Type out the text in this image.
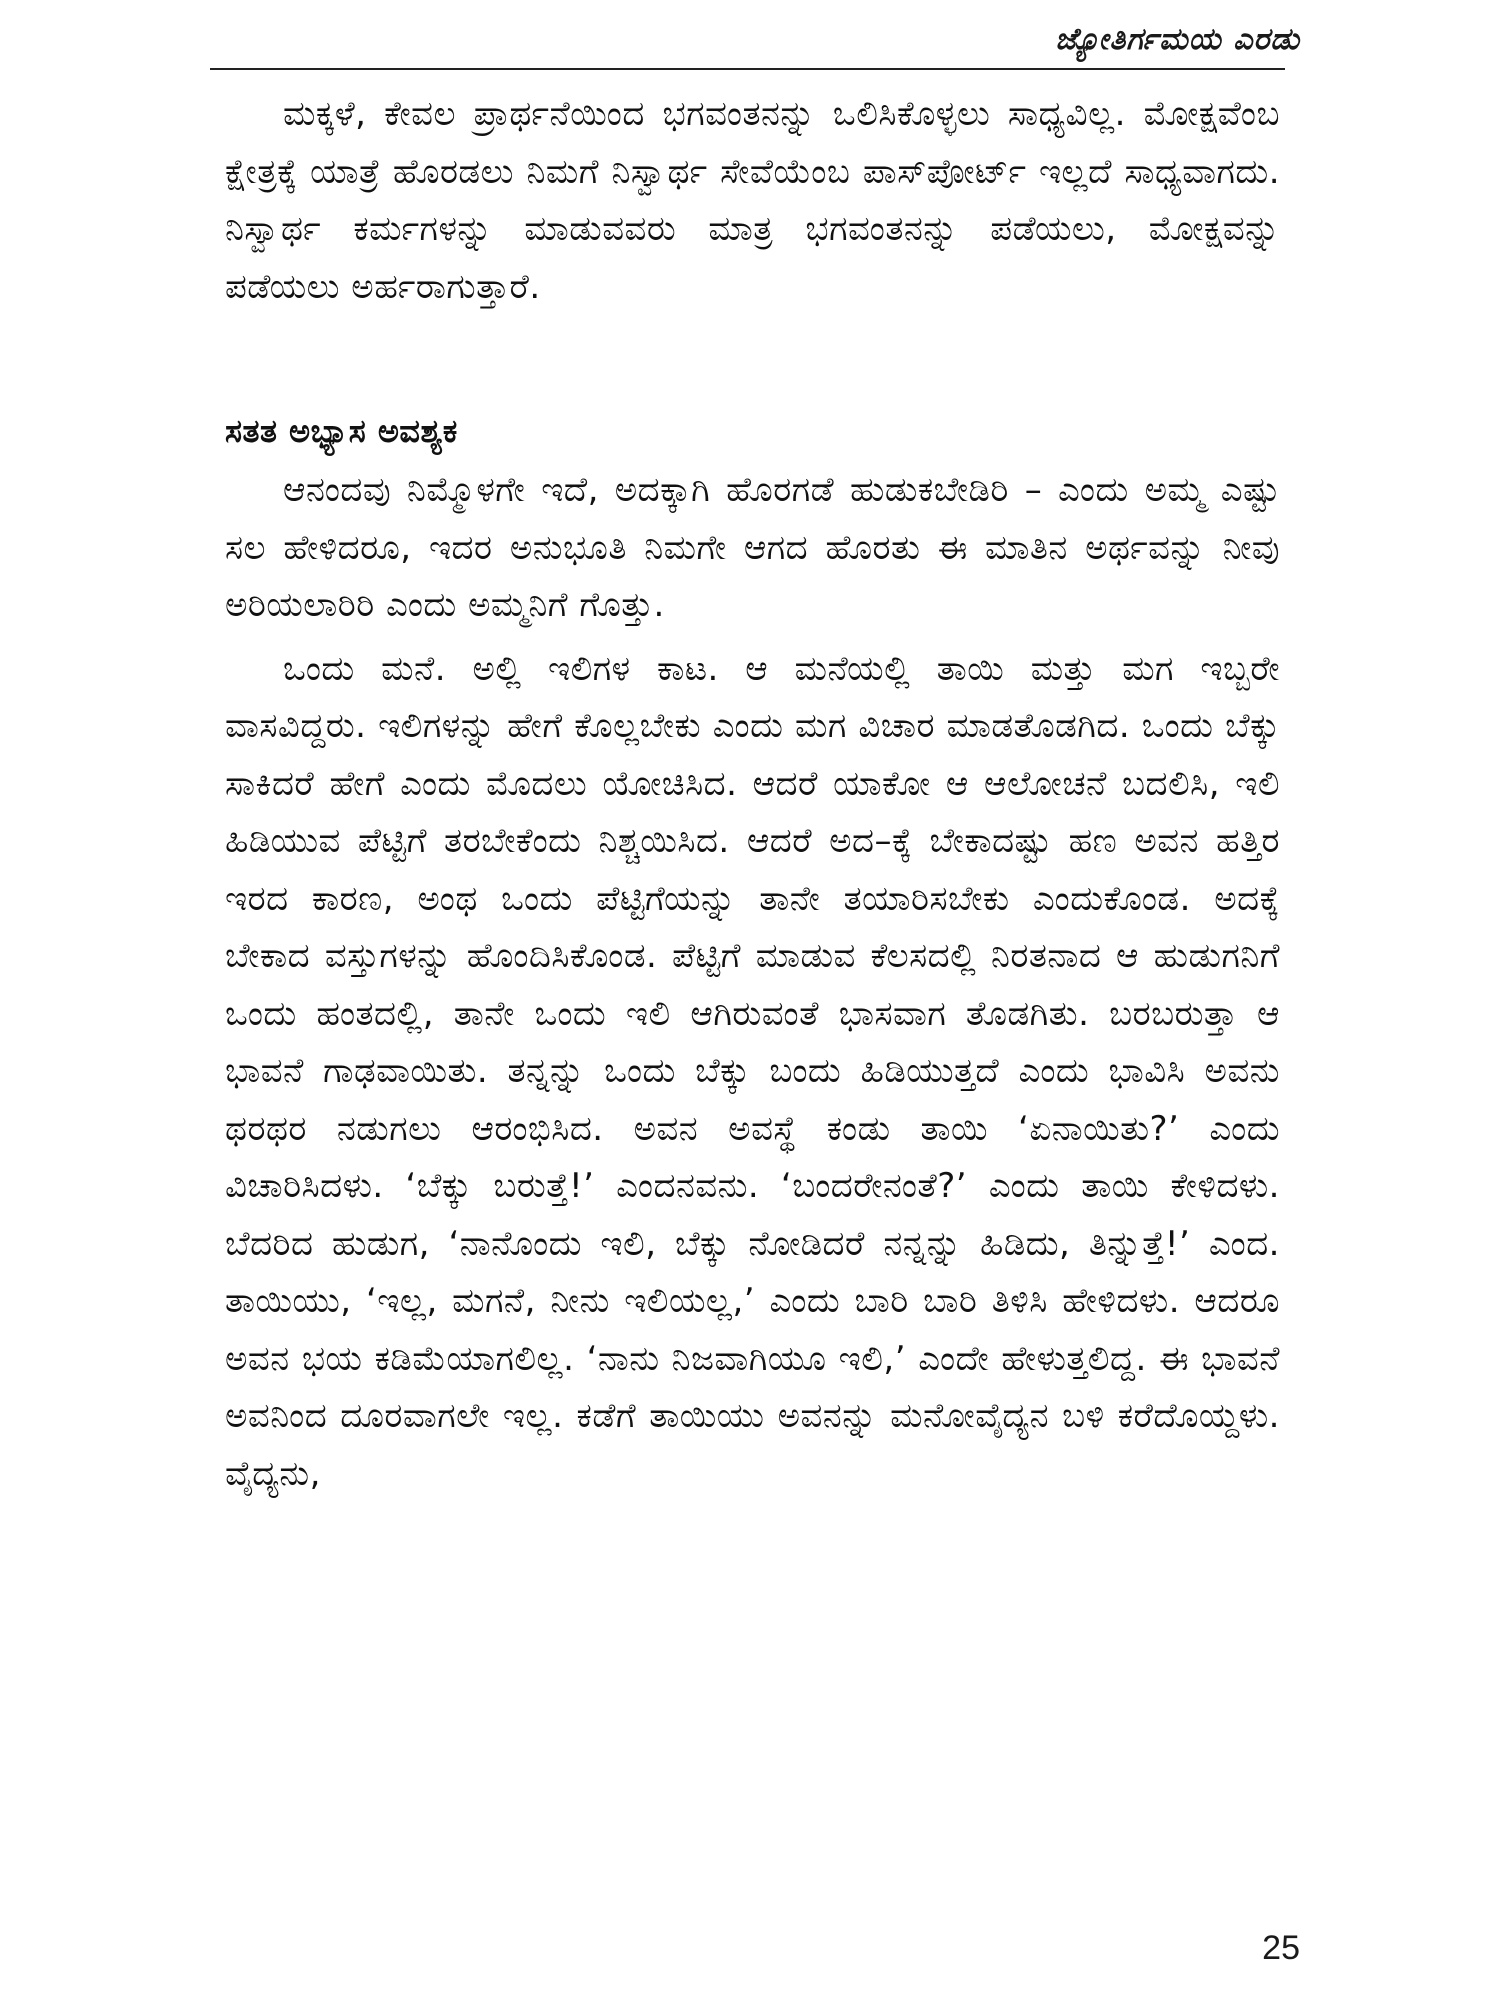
ಜ್ಯೋತಿರ್ಗಮಯ ಎರಡು

ಮಕ್ಕಳೆ, ಕೇವಲ ಪ್ರಾರ್ಥನೆಯಿಂದ ಭಗವಂತನನ್ನು ಒಲಿಸಿಕೊಳ್ಳಲು ಸಾಧ್ಯವಿಲ್ಲ. ಮೋಕ್ಷವೆಂಬ ಕ್ಷೇತ್ರಕ್ಕೆ ಯಾತ್ರೆ ಹೊರಡಲು ನಿಮಗೆ ನಿಸ್ವಾರ್ಥ ಸೇವೆಯೆಂಬ ಪಾಸ್‌ಪೋರ್ಟ್ ಇಲ್ಲದೆ ಸಾಧ್ಯವಾಗದು. ನಿಸ್ವಾರ್ಥ ಕರ್ಮಗಳನ್ನು ಮಾಡುವವರು ಮಾತ್ರ ಭಗವಂತನನ್ನು ಪಡೆಯಲು, ಮೋಕ್ಷವನ್ನು ಪಡೆಯಲು ಅರ್ಹರಾಗುತ್ತಾರೆ.

ಸತತ ಅಭ್ಯಾಸ ಅವಶ್ಯಕ

ಆನಂದವು ನಿಮ್ಮೊಳಗೇ ಇದೆ, ಅದಕ್ಕಾಗಿ ಹೊರಗಡೆ ಹುಡುಕಬೇಡಿರಿ – ಎಂದು ಅಮ್ಮ ಎಷ್ಟು ಸಲ ಹೇಳಿದರೂ, ಇದರ ಅನುಭೂತಿ ನಿಮಗೇ ಆಗದ ಹೊರತು ಈ ಮಾತಿನ ಅರ್ಥವನ್ನು ನೀವು ಅರಿಯಲಾರಿರಿ ಎಂದು ಅಮ್ಮನಿಗೆ ಗೊತ್ತು.

ಒಂದು ಮನೆ. ಅಲ್ಲಿ ಇಲಿಗಳ ಕಾಟ. ಆ ಮನೆಯಲ್ಲಿ ತಾಯಿ ಮತ್ತು ಮಗ ಇಬ್ಬರೇ ವಾಸವಿದ್ದರು. ಇಲಿಗಳನ್ನು ಹೇಗೆ ಕೊಲ್ಲಬೇಕು ಎಂದು ಮಗ ವಿಚಾರ ಮಾಡತೊಡಗಿದ. ಒಂದು ಬೆಕ್ಕು ಸಾಕಿದರೆ ಹೇಗೆ ಎಂದು ಮೊದಲು ಯೋಚಿಸಿದ. ಆದರೆ ಯಾಕೋ ಆ ಆಲೋಚನೆ ಬದಲಿಸಿ, ಇಲಿ ಹಿಡಿಯುವ ಪೆಟ್ಟಿಗೆ ತರಬೇಕೆಂದು ನಿಶ್ಚಯಿಸಿದ. ಆದರೆ ಅದ–ಕ್ಕೆ ಬೇಕಾದಷ್ಟು ಹಣ ಅವನ ಹತ್ತಿರ ಇರದ ಕಾರಣ, ಅಂಥ ಒಂದು ಪೆಟ್ಟಿಗೆಯನ್ನು ತಾನೇ ತಯಾರಿಸಬೇಕು ಎಂದುಕೊಂಡ. ಅದಕ್ಕೆ ಬೇಕಾದ ವಸ್ತುಗಳನ್ನು ಹೊಂದಿಸಿಕೊಂಡ. ಪೆಟ್ಟಿಗೆ ಮಾಡುವ ಕೆಲಸದಲ್ಲಿ ನಿರತನಾದ ಆ ಹುಡುಗನಿಗೆ ಒಂದು ಹಂತದಲ್ಲಿ, ತಾನೇ ಒಂದು ಇಲಿ ಆಗಿರುವಂತೆ ಭಾಸವಾಗ ತೊಡಗಿತು. ಬರಬರುತ್ತಾ ಆ ಭಾವನೆ ಗಾಢವಾಯಿತು. ತನ್ನನ್ನು ಒಂದು ಬೆಕ್ಕು ಬಂದು ಹಿಡಿಯುತ್ತದೆ ಎಂದು ಭಾವಿಸಿ ಅವನು ಥರಥರ ನಡುಗಲು ಆರಂಭಿಸಿದ. ಅವನ ಅವಸ್ಥೆ ಕಂಡು ತಾಯಿ ‘ಏನಾಯಿತು?’ ಎಂದು ವಿಚಾರಿಸಿದಳು. ‘ಬೆಕ್ಕು ಬರುತ್ತೆ!’ ಎಂದನವನು. ‘ಬಂದರೇನಂತೆ?’ ಎಂದು ತಾಯಿ ಕೇಳಿದಳು. ಬೆದರಿದ ಹುಡುಗ, ‘ನಾನೊಂದು ಇಲಿ, ಬೆಕ್ಕು ನೋಡಿದರೆ ನನ್ನನ್ನು ಹಿಡಿದು, ತಿನ್ನುತ್ತೆ!’ ಎಂದ. ತಾಯಿಯು, ‘ಇಲ್ಲ, ಮಗನೆ, ನೀನು ಇಲಿಯಲ್ಲ,’ ಎಂದು ಬಾರಿ ಬಾರಿ ತಿಳಿಸಿ ಹೇಳಿದಳು. ಆದರೂ ಅವನ ಭಯ ಕಡಿಮೆಯಾಗಲಿಲ್ಲ. ‘ನಾನು ನಿಜವಾಗಿಯೂ ಇಲಿ,’ ಎಂದೇ ಹೇಳುತ್ತಲಿದ್ದ. ಈ ಭಾವನೆ ಅವನಿಂದ ದೂರವಾಗಲೇ ಇಲ್ಲ. ಕಡೆಗೆ ತಾಯಿಯು ಅವನನ್ನು ಮನೋವೈದ್ಯನ ಬಳಿ ಕರೆದೊಯ್ದಳು. ವೈದ್ಯನು,

25
